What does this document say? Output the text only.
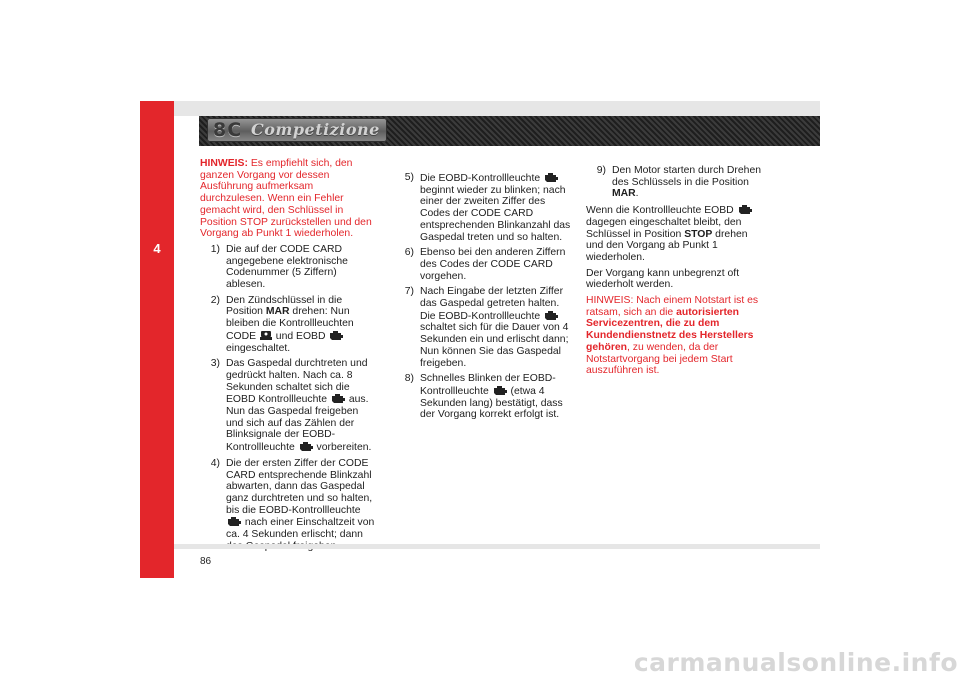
4
8C Competizione

HINWEIS: Es empfiehlt sich, den ganzen Vorgang vor dessen Ausführung aufmerksam durchzulesen. Wenn ein Fehler gemacht wird, den Schlüssel in Position STOP zurückstellen und den Vorgang ab Punkt 1 wiederholen.

1) Die auf der CODE CARD angegebene elektronische Codenummer (5 Ziffern) ablesen.

2) Den Zündschlüssel in die Position MAR drehen: Nun bleiben die Kontrollleuchten CODE  und EOBD  eingeschaltet.

3) Das Gaspedal durchtreten und gedrückt halten. Nach ca. 8 Sekunden schaltet sich die EOBD Kontrollleuchte  aus. Nun das Gaspedal freigeben und sich auf das Zählen der Blinksignale der EOBD-Kontrollleuchte  vorbereiten.

4) Die der ersten Ziffer der CODE CARD entsprechende Blinkzahl abwarten, dann das Gaspedal ganz durchtreten und so halten, bis die EOBD-Kontrollleuchte  nach einer Einschaltzeit von ca. 4 Sekunden erlischt; dann

5) Die EOBD-Kontrollleuchte  beginnt wieder zu blinken; nach einer der zweiten Ziffer des Codes der CODE CARD entsprechenden Blinkanzahl das Gaspedal treten und so halten.

6) Ebenso bei den anderen Ziffern des Codes der CODE CARD vorgehen.

7) Nach Eingabe der letzten Ziffer das Gaspedal getreten halten. Die EOBD-Kontrollleuchte  schaltet sich für die Dauer von 4 Sekunden ein und erlischt dann; Nun können Sie das Gaspedal freigeben.

8) Schnelles Blinken der EOBD-Kontrollleuchte  (etwa 4 Sekunden lang) bestätigt, dass der Vorgang korrekt erfolgt ist.

9) Den Motor starten durch Drehen des Schlüssels in die Position MAR.

Wenn die Kontrollleuchte EOBD  dagegen eingeschaltet bleibt, den Schlüssel in Position STOP drehen und den Vorgang ab Punkt 1 wiederholen.

Der Vorgang kann unbegrenzt oft wiederholt werden.

HINWEIS: Nach einem Notstart ist es ratsam, sich an die autorisierten Servicezentren, die zu dem Kundendienstnetz des Herstellers gehören, zu wenden, da der Notstartvorgang bei jedem Start auszuführen ist.

86
carmanualsonline.info
